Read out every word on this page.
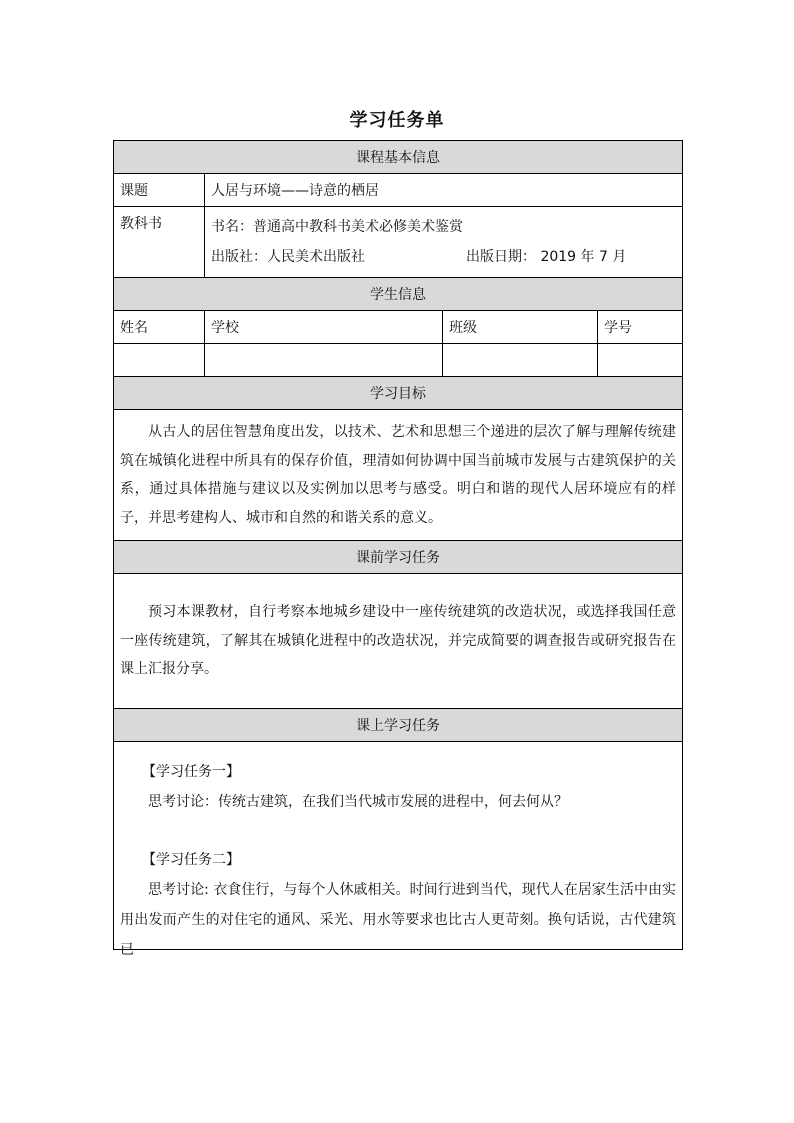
学习任务单
课程基本信息			
课题	人居与环境——诗意的栖居		
教科书	书名：普通高中教科书美术必修美术鉴赏
出版社：人民美术出版社 出版日期： 2019 年 7 月		

学生信息			
姓名	学校	班级	学号

学习目标			

从古人的居住智慧角度出发，以技术、艺术和思想三个递进的层次了解与理解传统建筑在城镇化进程中所具有的保存价值，理清如何协调中国当前城市发展与古建筑保护的关系，通过具体措施与建议以及实例加以思考与感受。明白和谐的现代人居环境应有的样子，并思考建构人、城市和自然的和谐关系的意义。			

课前学习任务			

预习本课教材，自行考察本地城乡建设中一座传统建筑的改造状况，或选择我国任意一座传统建筑，了解其在城镇化进程中的改造状况，并完成简要的调查报告或研究报告在课上汇报分享。			

课上学习任务			

【学习任务一】

思考讨论：传统古建筑，在我们当代城市发展的进程中，何去何从？

【学习任务二】

思考讨论: 衣食住行，与每个人休戚相关。时间行进到当代，现代人在居家生活中由实用出发而产生的对住宅的通风、采光、用水等要求也比古人更苛刻。换句话说，古代建筑已			
